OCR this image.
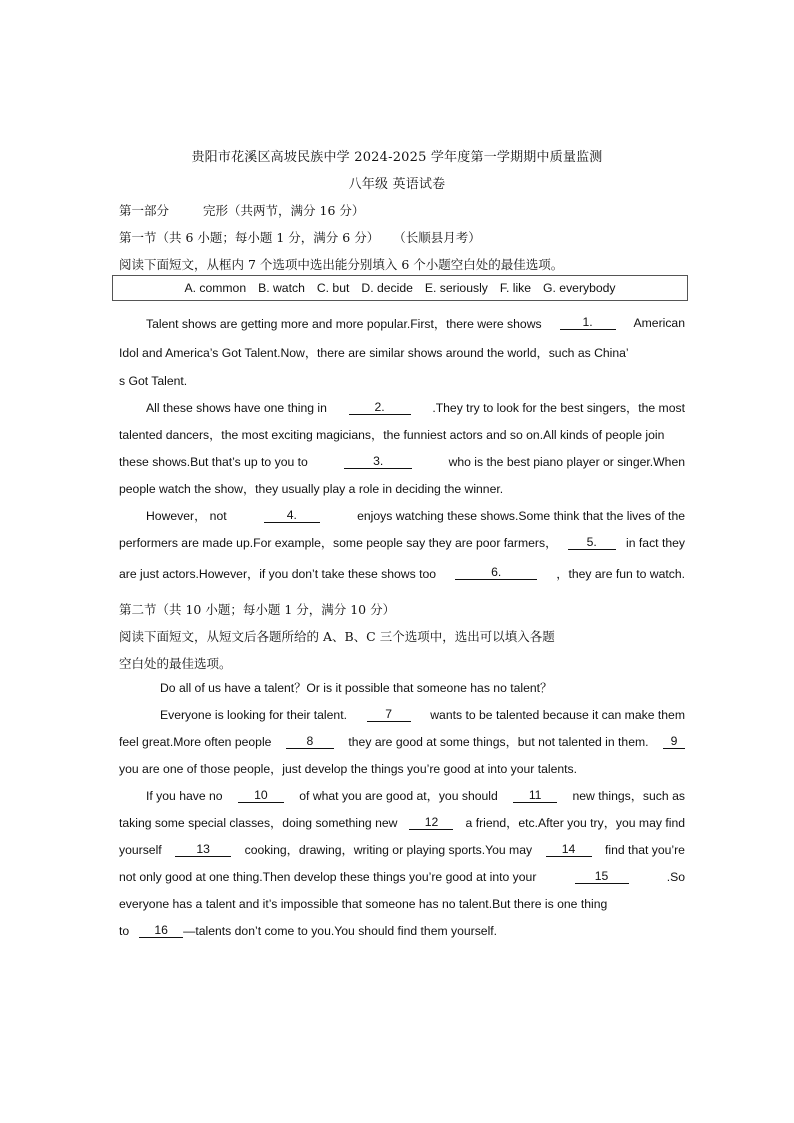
贵阳市花溪区高坡民族中学 2024-2025 学年度第一学期期中质量监测
八年级 英语试卷
第一部分	完形（共两节，满分 16 分）
第一节（共 6 小题；每小题 1 分，满分 6 分） （长顺县月考）
阅读下面短文，从框内 7 个选项中选出能分别填入 6 个小题空白处的最佳选项。
A. common B. watch C. but D. decide E. seriously F. like G. everybody
Talent shows are getting more and more popular.First，there were shows	1.	American
Idol and America’s Got Talent.Now，there are similar shows around the world，such as China’
s Got Talent.
All these shows have one thing in	2.	.They try to look for the best singers，the most
talented dancers，the most exciting magicians，the funniest actors and so on.All kinds of people join
these shows.But that’s up to you to	3.	who is the best piano player or singer.When
people watch the show，they usually play a role in deciding the winner.
However， not	4.	enjoys watching these shows.Some think that the lives of the
performers are made up.For example，some people say they are poor farmers，	5.	in fact they
are just actors.However，if you don’t take these shows too	6.	，they are fun to watch.
第二节（共 10 小题；每小题 1 分，满分 10 分）
阅读下面短文，从短文后各题所给的 A、B、C 三个选项中，选出可以填入各题
空白处的最佳选项。
Do all of us have a talent？Or is it possible that someone has no talent？
Everyone is looking for their talent.	7	wants to be talented because it can make them
feel great.More often people	8	they are good at some things，but not talented in them.	9
you are one of those people，just develop the things you’re good at into your talents.
If you have no	10	of what you are good at，you should	11	new things，such as
taking some special classes，doing something new	12	a friend，etc.After you try，you may find
yourself	13	cooking，drawing，writing or playing sports.You may	14	find that you’re
not only good at one thing.Then develop these things you’re good at into your	15	.So
everyone has a talent and it’s impossible that someone has no talent.But there is one thing
to	16	—talents don’t come to you.You should find them yourself.
